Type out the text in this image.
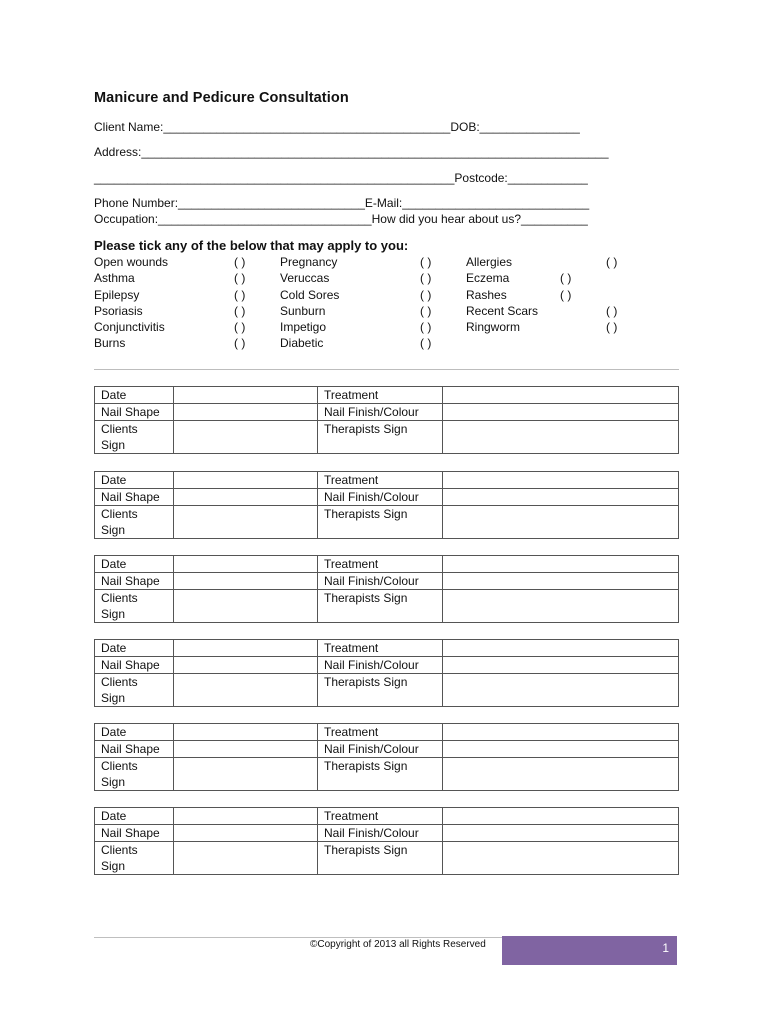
Manicure and Pedicure Consultation
Client Name:___________________________________________DOB:_______________
Address:______________________________________________________________________
______________________________________________________Postcode:____________
Phone Number:____________________________E-Mail:____________________________
Occupation:________________________________How did you hear about us?__________
Please tick any of the below that may apply to you:
Open wounds	( )
Asthma	( )
Epilepsy	( )
Psoriasis	( )
Conjunctivitis	( )
Burns	( )
Pregnancy	( )
Veruccas	( )
Cold Sores	( )
Sunburn	( )
Impetigo	( )
Diabetic	( )
Allergies	( )
Eczema	( )
Rashes	( )
Recent Scars	( )
Ringworm	( )
Date		Treatment	
Nail Shape		Nail Finish/Colour	
Clients
Sign		Therapists Sign	
Date		Treatment	
Nail Shape		Nail Finish/Colour	
Clients
Sign		Therapists Sign	
Date		Treatment	
Nail Shape		Nail Finish/Colour	
Clients
Sign		Therapists Sign	
Date		Treatment	
Nail Shape		Nail Finish/Colour	
Clients
Sign		Therapists Sign	
Date		Treatment	
Nail Shape		Nail Finish/Colour	
Clients
Sign		Therapists Sign	
Date		Treatment	
Nail Shape		Nail Finish/Colour	
Clients
Sign		Therapists Sign	
©Copyright of 2013 all Rights Reserved	1
